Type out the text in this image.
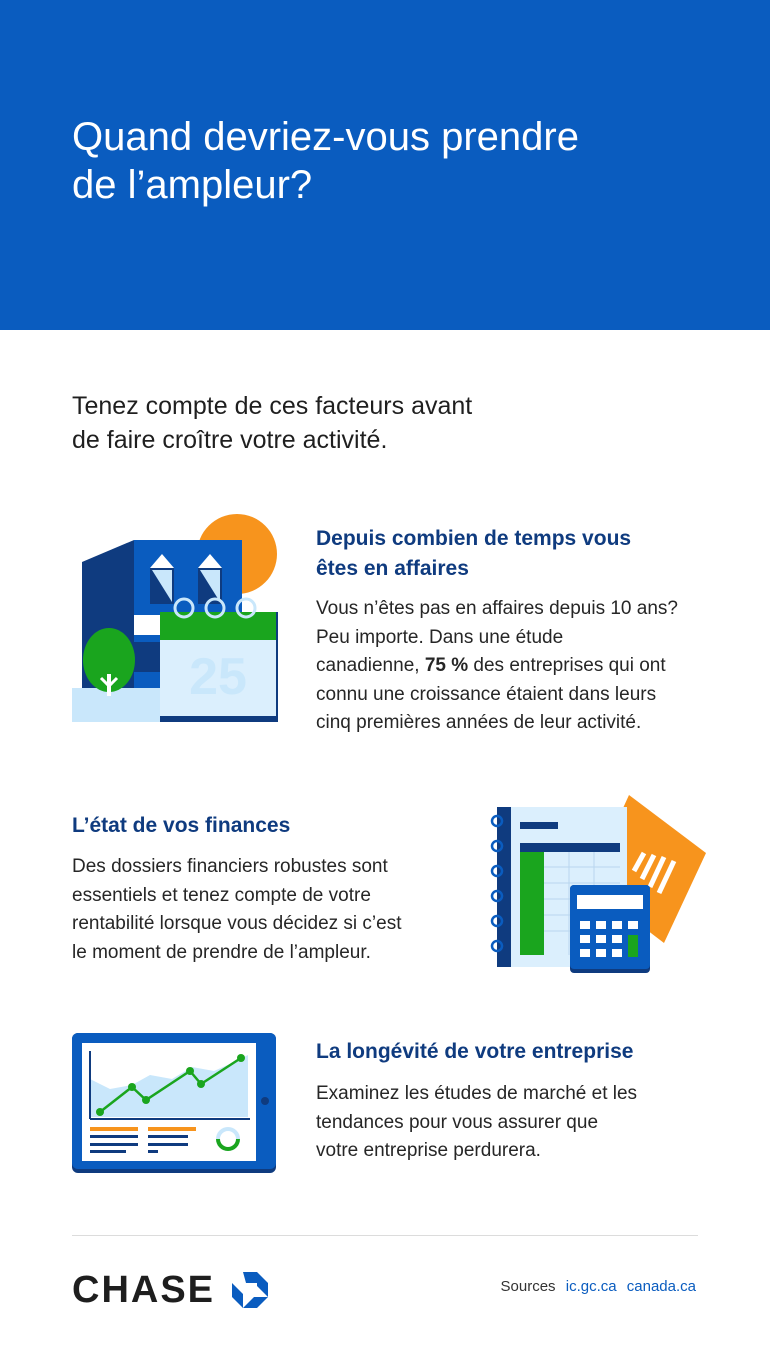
Quand devriez-vous prendre
de l’ampleur?

Tenez compte de ces facteurs avant
de faire croître votre activité.

25
Depuis combien de temps vous
êtes en affaires

Vous n’êtes pas en affaires depuis 10 ans?
Peu importe. Dans une étude
canadienne, 75 % des entreprises qui ont
connu une croissance étaient dans leurs
cinq premières années de leur activité.

L’état de vos finances

Des dossiers financiers robustes sont
essentiels et tenez compte de votre
rentabilité lorsque vous décidez si c’est
le moment de prendre de l’ampleur.

La longévité de votre entreprise

Examinez les études de marché et les
tendances pour vous assurer que
votre entreprise perdurera.

CHASE	Sources ic.gc.ca canada.ca
